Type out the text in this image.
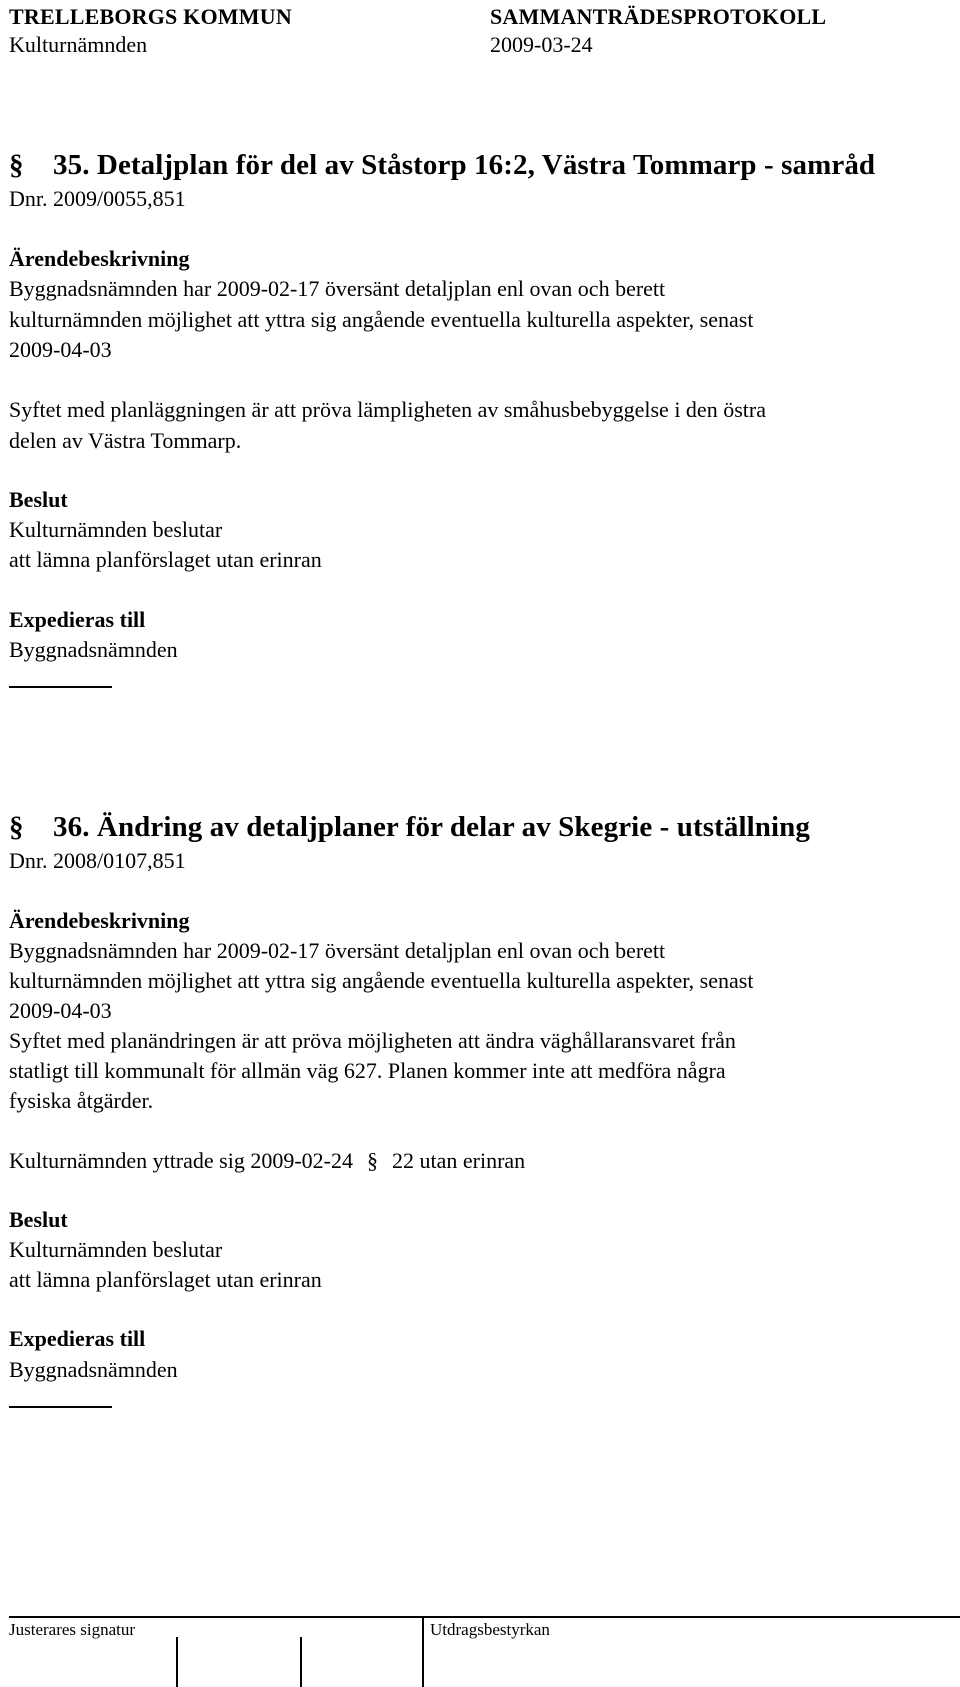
TRELLEBORGS KOMMUN	SAMMANTRÄDESPROTOKOLL
Kulturnämnden	2009-03-24
§ 35. Detaljplan för del av Ståstorp 16:2, Västra Tommarp - samråd
Dnr. 2009/0055,851
Ärendebeskrivning
Byggnadsnämnden har 2009-02-17 översänt detaljplan enl ovan och berett
kulturnämnden möjlighet att yttra sig angående eventuella kulturella aspekter, senast
2009-04-03
Syftet med planläggningen är att pröva lämpligheten av småhusbebyggelse i den östra
delen av Västra Tommarp.
Beslut
Kulturnämnden beslutar
att lämna planförslaget utan erinran
Expedieras till
Byggnadsnämnden
§ 36. Ändring av detaljplaner för delar av Skegrie - utställning
Dnr. 2008/0107,851
Ärendebeskrivning
Byggnadsnämnden har 2009-02-17 översänt detaljplan enl ovan och berett
kulturnämnden möjlighet att yttra sig angående eventuella kulturella aspekter, senast
2009-04-03
Syftet med planändringen är att pröva möjligheten att ändra väghållaransvaret från
statligt till kommunalt för allmän väg 627. Planen kommer inte att medföra några
fysiska åtgärder.
Kulturnämnden yttrade sig 2009-02-24 § 22 utan erinran
Beslut
Kulturnämnden beslutar
att lämna planförslaget utan erinran
Expedieras till
Byggnadsnämnden
Justerares signatur	Utdragsbestyrkan
